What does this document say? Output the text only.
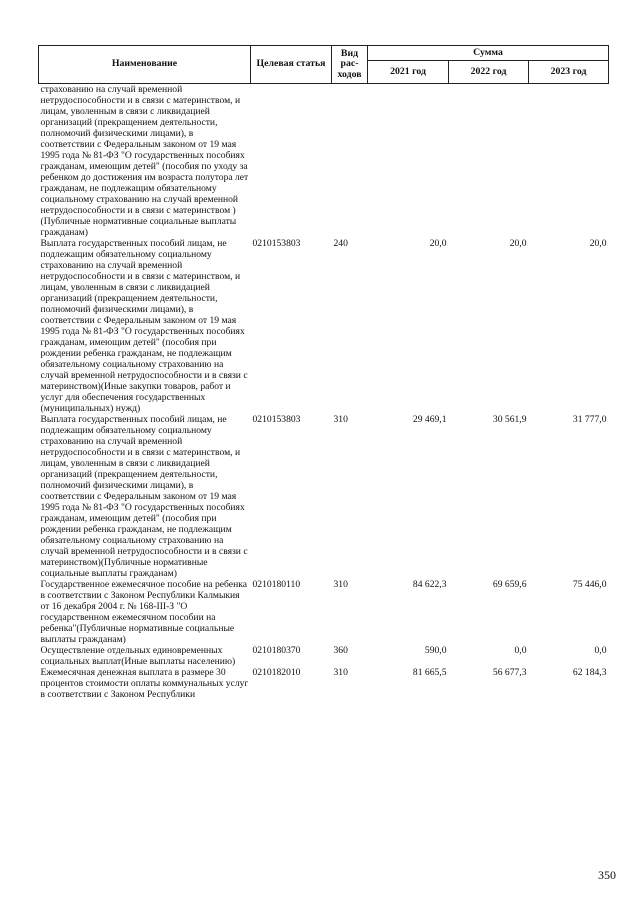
Наименование	Целевая статья	Вид рас-ходов	Сумма		
			2021 год	2022 год	2023 год
страхованию на случай временной нетрудоспособности и в связи с материнством, и лицам, уволенным в связи с ликвидацией организаций (прекращением деятельности, полномочий физическими лицами), в соответствии с Федеральным законом от 19 мая 1995 года № 81-ФЗ "О государственных пособиях гражданам, имеющим детей" (пособия по уходу за ребенком до достижения им возраста полутора лет гражданам, не подлежащим обязательному социальному страхованию на случай временной нетрудоспособности и в связи с материнством )(Публичные нормативные социальные выплаты гражданам)					
Выплата государственных пособий лицам, не подлежащим обязательному социальному страхованию на случай временной нетрудоспособности и в связи с материнством, и лицам, уволенным в связи с ликвидацией организаций (прекращением деятельности, полномочий физическими лицами), в соответствии с Федеральным законом от 19 мая 1995 года № 81-ФЗ "О государственных пособиях гражданам, имеющим детей" (пособия при рождении ребенка гражданам, не подлежащим обязательному социальному страхованию на случай временной нетрудоспособности и в связи с материнством)(Иные закупки товаров, работ и услуг для обеспечения государственных (муниципальных) нужд)	0210153803	240	20,0	20,0	20,0
Выплата государственных пособий лицам, не подлежащим обязательному социальному страхованию на случай временной нетрудоспособности и в связи с материнством, и лицам, уволенным в связи с ликвидацией организаций (прекращением деятельности, полномочий физическими лицами), в соответствии с Федеральным законом от 19 мая 1995 года № 81-ФЗ "О государственных пособиях гражданам, имеющим детей" (пособия при рождении ребенка гражданам, не подлежащим обязательному социальному страхованию на случай временной нетрудоспособности и в связи с материнством)(Публичные нормативные социальные выплаты гражданам)	0210153803	310	29 469,1	30 561,9	31 777,0
Государственное ежемесячное пособие на ребенка в соответствии с Законом Республики Калмыкия от 16 декабря 2004 г. № 168-III-З "О государственном ежемесячном пособии на ребенка"(Публичные нормативные социальные выплаты гражданам)	0210180110	310	84 622,3	69 659,6	75 446,0
Осуществление отдельных единовременных социальных выплат(Иные выплаты населению)	0210180370	360	590,0	0,0	0,0
Ежемесячная денежная выплата в размере 30 процентов стоимости оплаты коммунальных услуг в соответствии с Законом Республики	0210182010	310	81 665,5	56 677,3	62 184,3
350
